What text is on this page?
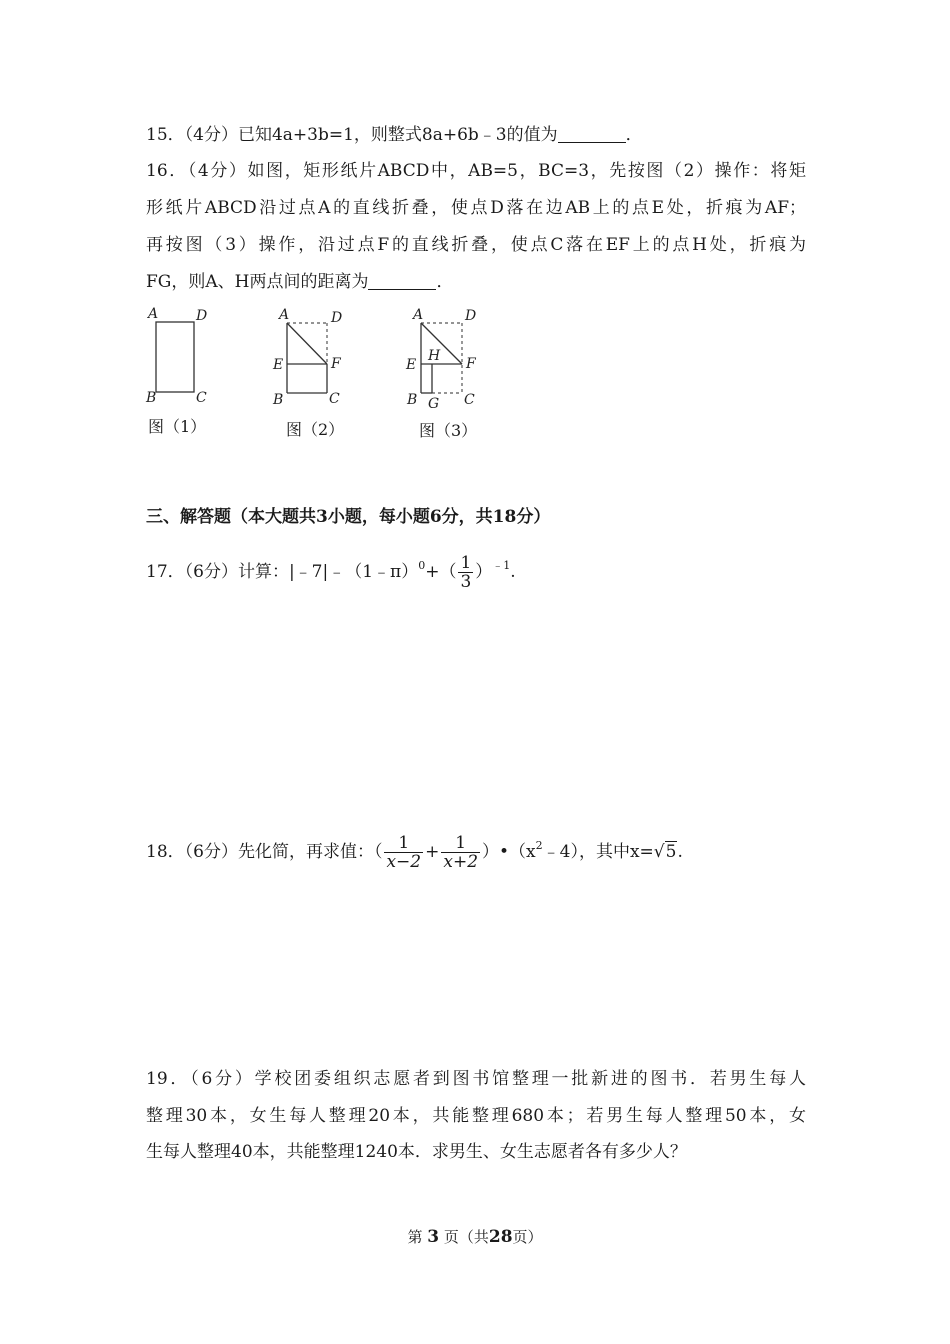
15．（4分）已知4a+3b=1，则整式8a+6b﹣3的值为	．
16．（4分）如图，矩形纸片ABCD中，AB=5，BC=3，先按图（2）操作：将矩
形纸片ABCD沿过点A的直线折叠，使点D落在边AB上的点E处，折痕为AF；
再按图（3）操作，沿过点F的直线折叠，使点C落在EF上的点H处，折痕为
FG，则A、H两点间的距离为	．
A	D
B	C
图（1）
A	D
E	F
B	C
图（2）
A	D
H
E	F
B G C
图（3）
三、解答题（本大题共3小题，每小题6分，共18分）
17．（6分）计算：|﹣7|﹣（1﹣π）$^0$+（ $\frac{1}{3} )^{﹣1}$.
18．（6分）先化简，再求值：（ $\frac{1}{x-2} + \frac{1}{x+2}$ ）$•(x^2﹣4)$，其中x=√5.
19．（6分）学校团委组织志愿者到图书馆整理一批新进的图书．若男生每人
整理30本，女生每人整理20本，共能整理680本；若男生每人整理50本，女
生每人整理40本，共能整理1240本．求男生、女生志愿者各有多少人？
第 3 页（共28页）
